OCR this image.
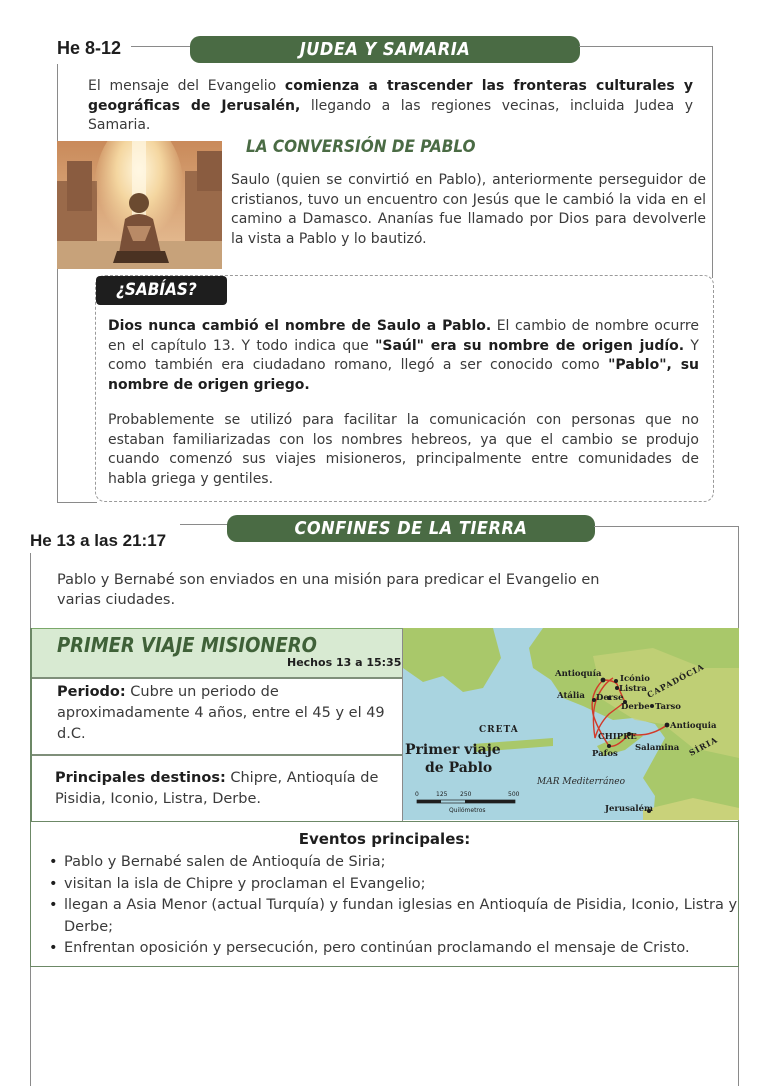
He 8-12	JUDEA Y SAMARIA

El mensaje del Evangelio comienza a trascender las fronteras culturales y geográficas de Jerusalén, llegando a las regiones vecinas, incluida Judea y Samaria.

LA CONVERSIÓN DE PABLO

Saulo (quien se convirtió en Pablo), anteriormente perseguidor de cristianos, tuvo un encuentro con Jesús que le cambió la vida en el camino a Damasco. Ananías fue llamado por Dios para devolverle la vista a Pablo y lo bautizó.

¿SABÍAS?

Dios nunca cambió el nombre de Saulo a Pablo. El cambio de nombre ocurre en el capítulo 13. Y todo indica que "Saúl" era su nombre de origen judío. Y como también era ciudadano romano, llegó a ser conocido como "Pablo", su nombre de origen griego.

Probablemente se utilizó para facilitar la comunicación con personas que no estaban familiarizadas con los nombres hebreos, ya que el cambio se produjo cuando comenzó sus viajes misioneros, principalmente entre comunidades de habla griega y gentiles.

CONFINES DE LA TIERRA
He 13 a las 21:17

Pablo y Bernabé son enviados en una misión para predicar el Evangelio en varias ciudades.

PRIMER VIAJE MISIONERO
Hechos 13 a 15:35

Periodo: Cubre un periodo de aproximadamente 4 años, entre el 45 y el 49 d.C.

Principales destinos: Chipre, Antioquía de Pisidia, Iconio, Listra, Derbe.

Antioquía Icónio
Listra
Atália Derse
Derbe Tarso
Antioquia
CHIPRE
Salamina
Pafos
Jerusalém
CRETA
CAPADÓCIA
SÍRIA
Primer viaje
de Pablo
MAR Mediterráneo
0	125 250	500
Quilómetros
Eventos principales:
• Pablo y Bernabé salen de Antioquía de Siria;
• visitan la isla de Chipre y proclaman el Evangelio;
• llegan a Asia Menor (actual Turquía) y fundan iglesias en Antioquía de Pisidia, Iconio, Listra y Derbe;
• Enfrentan oposición y persecución, pero continúan proclamando el mensaje de Cristo.
